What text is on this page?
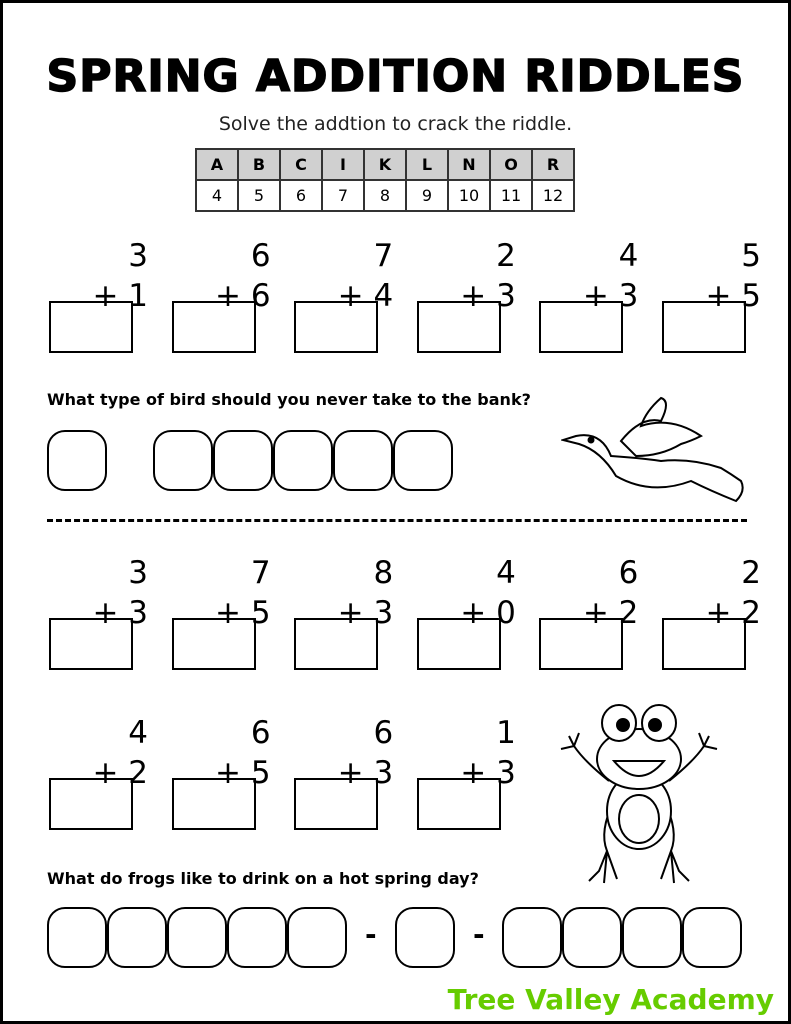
SPRING ADDITION RIDDLES
Solve the addtion to crack the riddle.
A	B	C	I	K	L	N	O	R
4	5	6	7	8	9	10	11	12
3
+ 1
6
+ 6
7
+ 4
2
+ 3
4
+ 3
5
+ 5
3
+ 3
7
+ 5
8
+ 3
4
+ 0
6
+ 2
2
+ 2
4
+ 2
6
+ 5
6
+ 3
1
+ 3
What type of bird should you never take to the bank?
What do frogs like to drink on a hot spring day?
-	-
Tree Valley Academy
